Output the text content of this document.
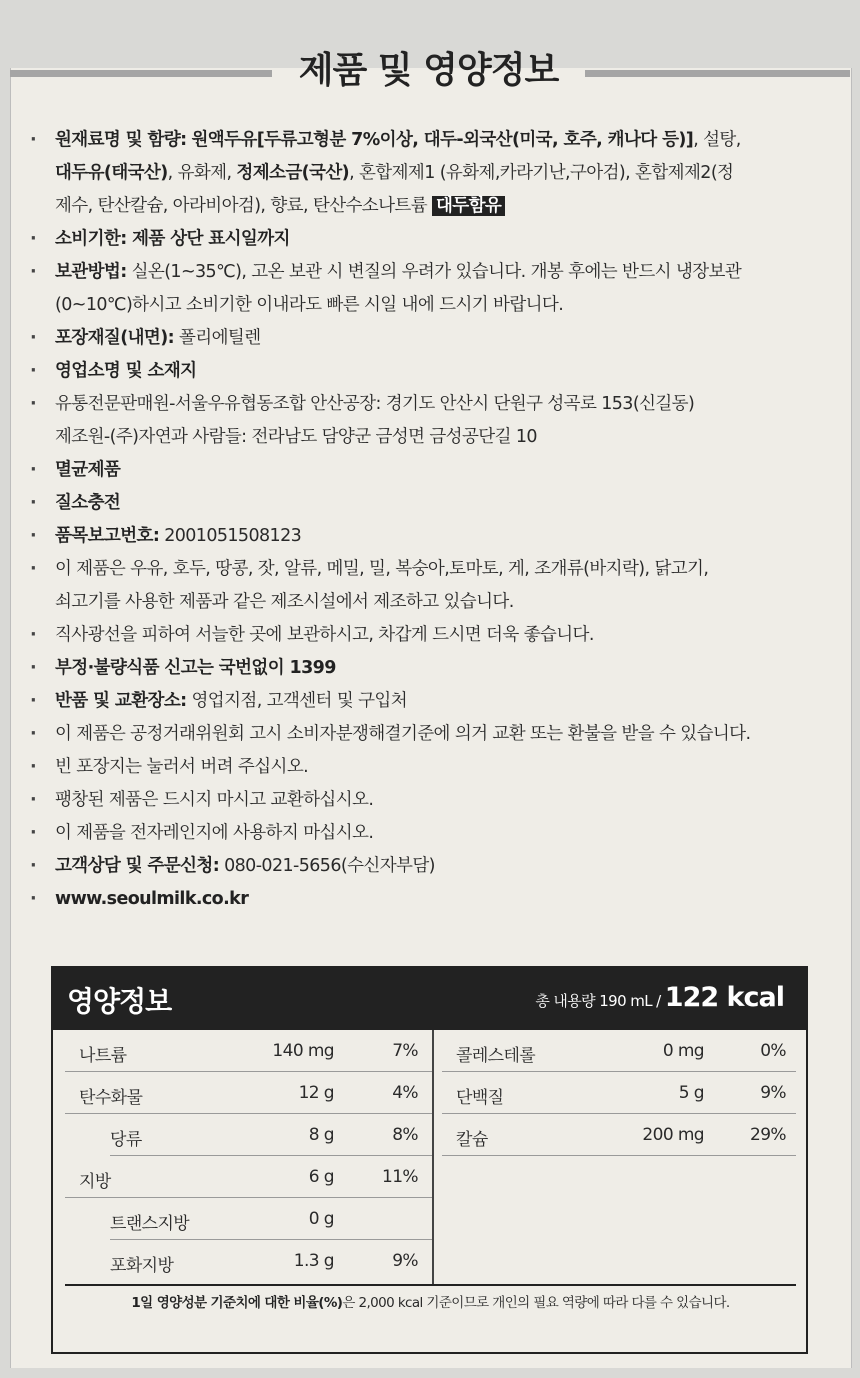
제품 및 영양정보
·	원재료명 및 함량: 원액두유[두류고형분 7%이상, 대두-외국산(미국, 호주, 캐나다 등)], 설탕,
대두유(태국산), 유화제, 정제소금(국산), 혼합제제1 (유화제,카라기난,구아검), 혼합제제2(정
제수, 탄산칼슘, 아라비아검), 향료, 탄산수소나트륨 대두함유
·	소비기한: 제품 상단 표시일까지
·	보관방법: 실온(1~35℃), 고온 보관 시 변질의 우려가 있습니다. 개봉 후에는 반드시 냉장보관
(0~10℃)하시고 소비기한 이내라도 빠른 시일 내에 드시기 바랍니다.
·	포장재질(내면): 폴리에틸렌
·	영업소명 및 소재지
·	유통전문판매원-서울우유협동조합 안산공장: 경기도 안산시 단원구 성곡로 153(신길동)
제조원-(주)자연과 사람들: 전라남도 담양군 금성면 금성공단길 10
·	멸균제품
·	질소충전
·	품목보고번호: 2001051508123
·	이 제품은 우유, 호두, 땅콩, 잣, 알류, 메밀, 밀, 복숭아,토마토, 게, 조개류(바지락), 닭고기,
쇠고기를 사용한 제품과 같은 제조시설에서 제조하고 있습니다.
·	직사광선을 피하여 서늘한 곳에 보관하시고, 차갑게 드시면 더욱 좋습니다.
·	부정·불량식품 신고는 국번없이 1399
·	반품 및 교환장소: 영업지점, 고객센터 및 구입처
·	이 제품은 공정거래위원회 고시 소비자분쟁해결기준에 의거 교환 또는 환불을 받을 수 있습니다.
·	빈 포장지는 눌러서 버려 주십시오.
·	팽창된 제품은 드시지 마시고 교환하십시오.
·	이 제품을 전자레인지에 사용하지 마십시오.
·	고객상담 및 주문신청: 080-021-5656(수신자부담)
·	www.seoulmilk.co.kr
영양정보	총 내용량 190 mL / 122 kcal
나트륨	140 mg	7%
탄수화물	12 g	4%
당류	8 g	8%
지방	6 g	11%
트랜스지방	0 g
포화지방	1.3 g	9%
콜레스테롤	0 mg	0%
단백질	5 g	9%
칼슘	200 mg	29%
1일 영양성분 기준치에 대한 비율(%)은 2,000 kcal 기준이므로 개인의 필요 역량에 따라 다를 수 있습니다.
